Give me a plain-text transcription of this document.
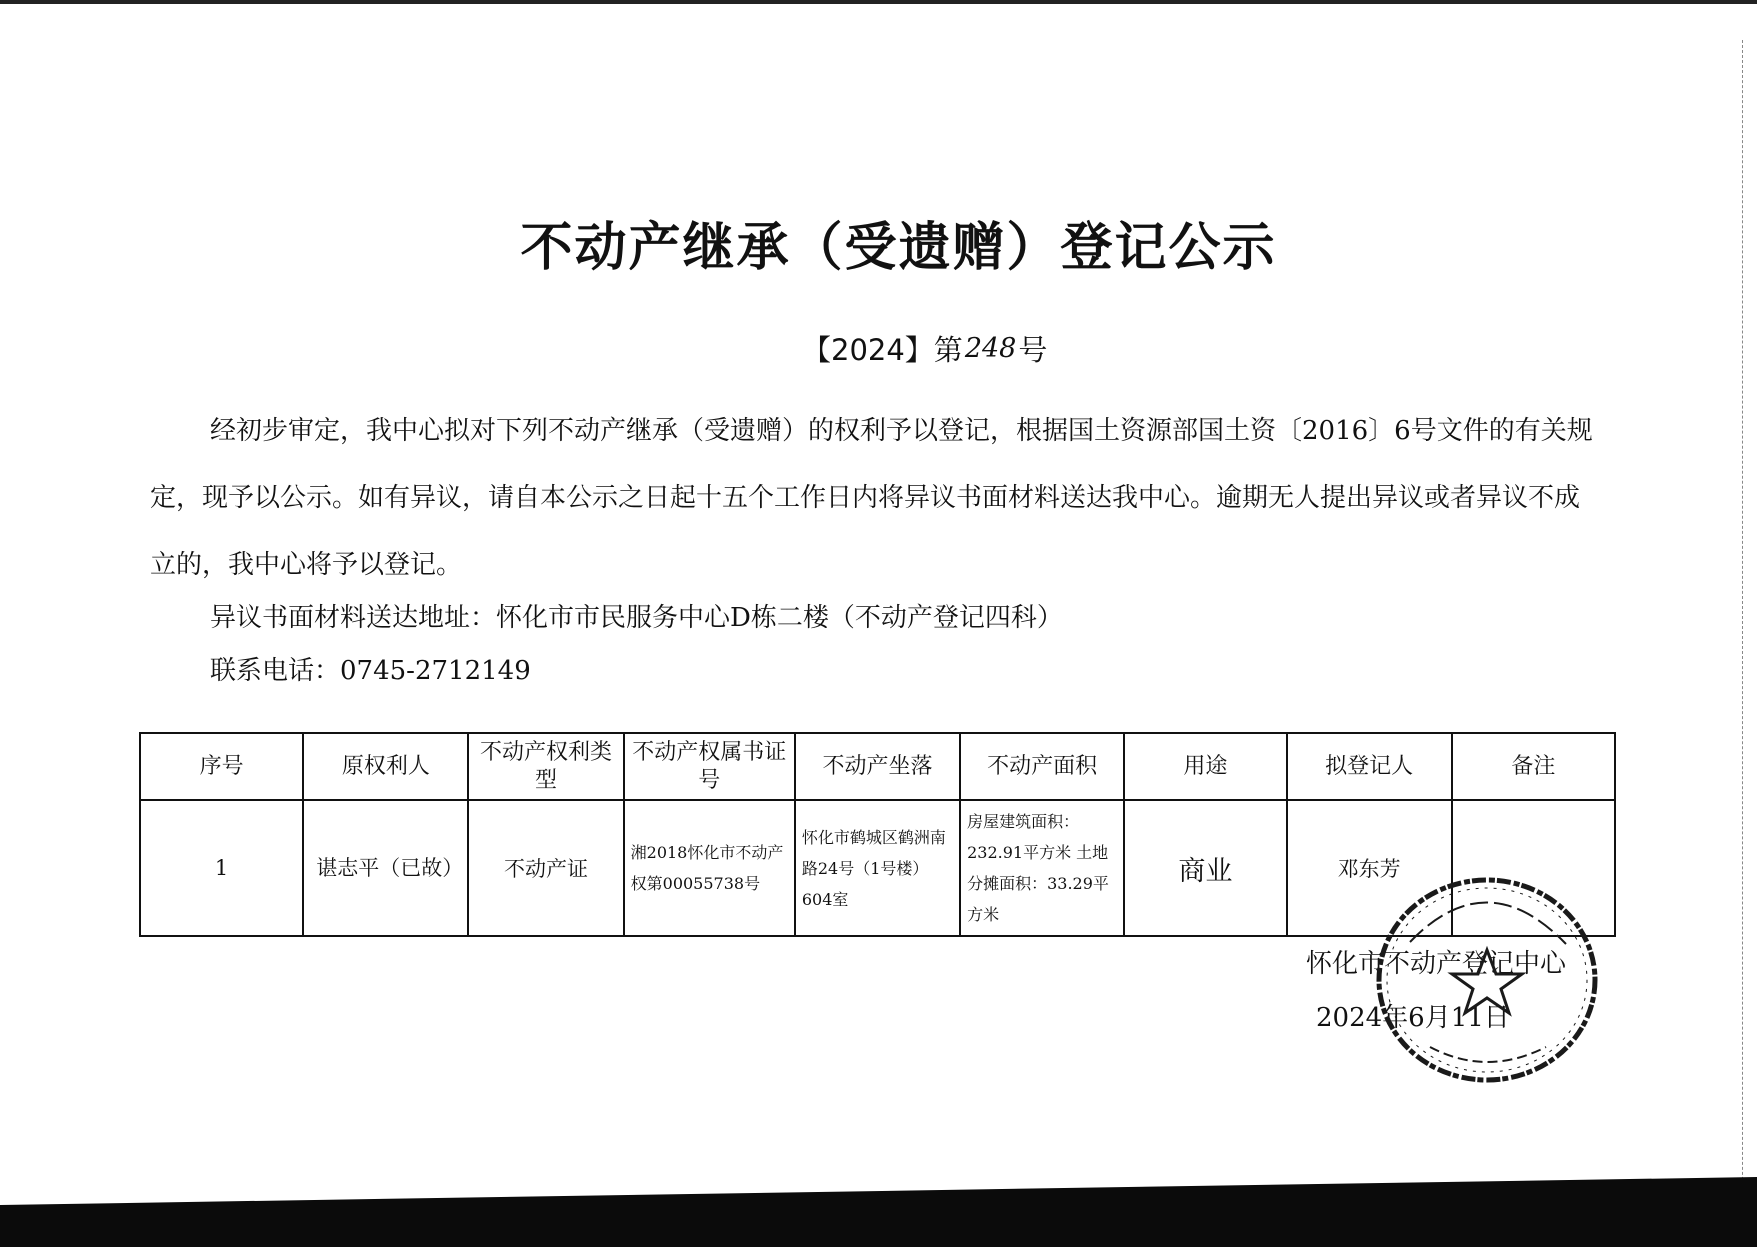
不动产继承（受遗赠）登记公示
【2024】第 248 号

经初步审定，我中心拟对下列不动产继承（受遗赠）的权利予以登记，根据国土资源部国土资〔2016〕6号文件的有关规定，现予以公示。如有异议，请自本公示之日起十五个工作日内将异议书面材料送达我中心。逾期无人提出异议或者异议不成立的，我中心将予以登记。

异议书面材料送达地址：怀化市市民服务中心D栋二楼（不动产登记四科）
联系电话：0745-2712149
序号	原权利人	不动产权利类型	不动产权属书证号	不动产坐落	不动产面积	用途	拟登记人	备注
1	谌志平（已故）	不动产证	湘2018怀化市不动产权第00055738号	怀化市鹤城区鹤洲南路24号（1号楼）604室	房屋建筑面积：232.91平方米 土地分摊面积：33.29平方米	商业	邓东芳	
怀化市不动产登记中心
2024年6月11日
